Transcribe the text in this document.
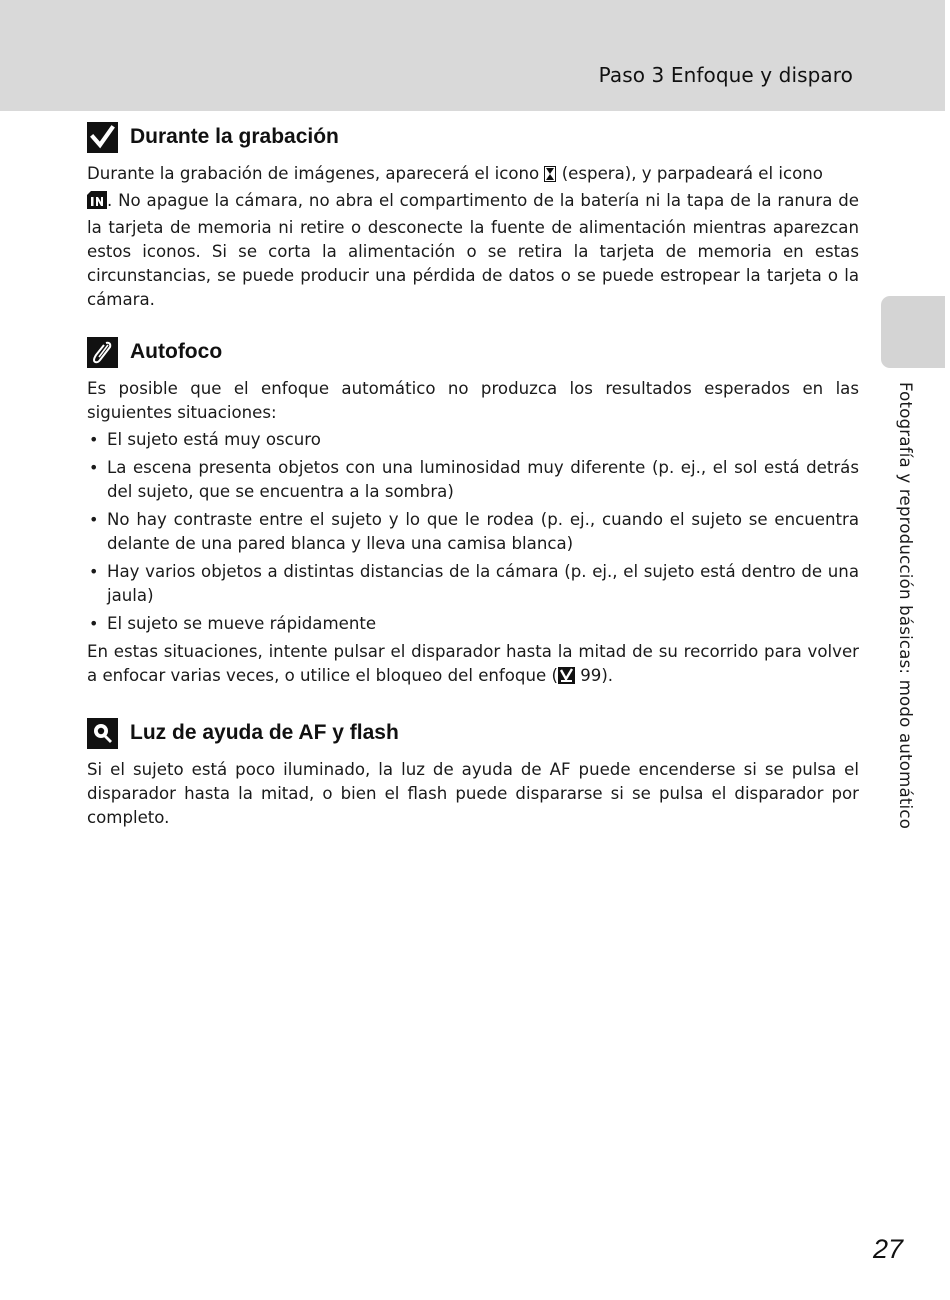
Paso 3 Enfoque y disparo
Fotografía y reproducción básicas: modo automático
Durante la grabación

Durante la grabación de imágenes, aparecerá el icono  (espera), y parpadeará el icono
. No apague la cámara, no abra el compartimento de la batería ni la tapa de la ranura de la tarjeta de memoria ni retire o desconecte la fuente de alimentación mientras aparezcan estos iconos. Si se corta la alimentación o se retira la tarjeta de memoria en estas circunstancias, se puede producir una pérdida de datos o se puede estropear la tarjeta o la cámara.

Autofoco

Es posible que el enfoque automático no produzca los resultados esperados en las siguientes situaciones:

• El sujeto está muy oscuro
• La escena presenta objetos con una luminosidad muy diferente (p. ej., el sol está detrás del sujeto, que se encuentra a la sombra)
• No hay contraste entre el sujeto y lo que le rodea (p. ej., cuando el sujeto se encuentra delante de una pared blanca y lleva una camisa blanca)
• Hay varios objetos a distintas distancias de la cámara (p. ej., el sujeto está dentro de una jaula)
• El sujeto se mueve rápidamente

En estas situaciones, intente pulsar el disparador hasta la mitad de su recorrido para volver a enfocar varias veces, o utilice el bloqueo del enfoque ( 99).

Luz de ayuda de AF y flash

Si el sujeto está poco iluminado, la luz de ayuda de AF puede encenderse si se pulsa el disparador hasta la mitad, o bien el flash puede dispararse si se pulsa el disparador por completo.

27
